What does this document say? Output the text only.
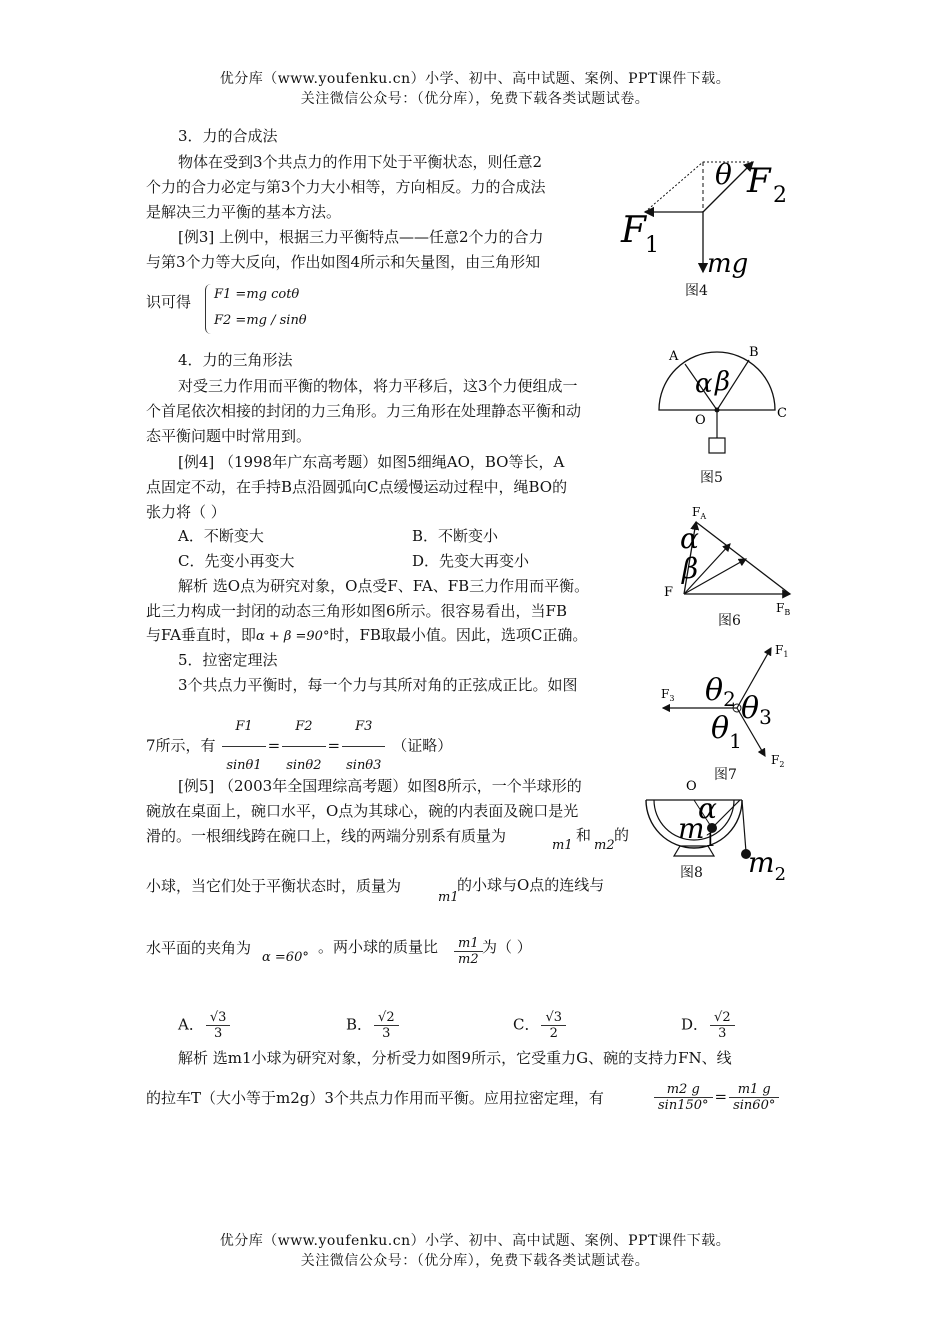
优分库（www.youfenku.cn）小学、初中、高中试题、案例、PPT课件下载。
关注微信公众号：（优分库），免费下载各类试题试卷。
3．力的合成法
物体在受到3个共点力的作用下处于平衡状态，则任意2
个力的合力必定与第3个力大小相等，方向相反。力的合成法
是解决三力平衡的基本方法。
[例3] 上例中，根据三力平衡特点——任意2个力的合力
与第3个力等大反向，作出如图4所示和矢量图，由三角形知
识可得 F1 =mg cotθ
F2 =mg / sinθ
θ F 2
F 1
mg
图4
4．力的三角形法
对受三力作用而平衡的物体，将力平移后，这3个力便组成一
个首尾依次相接的封闭的力三角形。力三角形在处理静态平衡和动
态平衡问题中时常用到。
[例4] （1998年广东高考题）如图5细绳AO，BO等长，A
点固定不动，在手持B点沿圆弧向C点缓慢运动过程中，绳BO的
张力将（ ）
A．不断变大	B．不断变小
C．先变小再变大	D．先变大再变小
解析 选O点为研究对象，O点受F、FA、FB三力作用而平衡。
此三力构成一封闭的动态三角形如图6所示。很容易看出，当FB
与FA垂直时，即α + β =90°时，FB取最小值。因此，选项C正确。
α β
A	B
C
O
图5
$F_A$
α
β
F
$F_B$
图6
5．拉密定理法
3个共点力平衡时，每一个力与其所对角的正弦成正比。如图
7所示，有 $\frac{F1}{\sin\theta 1} = \frac{F2}{\sin\theta 2} = \frac{F3}{\sin\theta 3}$ （证略）
$F_1$
$F_3$
$F_2$
$\theta_2$ $\theta_3$
$\theta_1$
图7
[例5] （2003年全国理综高考题）如图8所示，一个半球形的
碗放在桌面上，碗口水平，O点为其球心，碗的内表面及碗口是光
滑的。一根细线跨在碗口上，线的两端分别系有质量为
m1
和
m2
的
小球，当它们处于平衡状态时，质量为
m1
的小球与O点的连线与
水平面的夹角为
α =60°
。两小球的质量比 $\frac{m1}{m2}$ 为（ ）
O
α
$m_1$
$m_2$
图8
A． $\frac{√3}{3}$	B． $\frac{√2}{3}$	C． $\frac{√3}{2}$	D． $\frac{√2}{3}$
解析 选m1小球为研究对象，分析受力如图9所示，它受重力G、碗的支持力FN、线
的拉车T（大小等于m2g）3个共点力作用而平衡。应用拉密定理，有	$\frac{m2 g}{\sin 150^\circ} = \frac{m1 g}{\sin 60^\circ}$
优分库（www.youfenku.cn）小学、初中、高中试题、案例、PPT课件下载。
关注微信公众号：（优分库），免费下载各类试题试卷。
